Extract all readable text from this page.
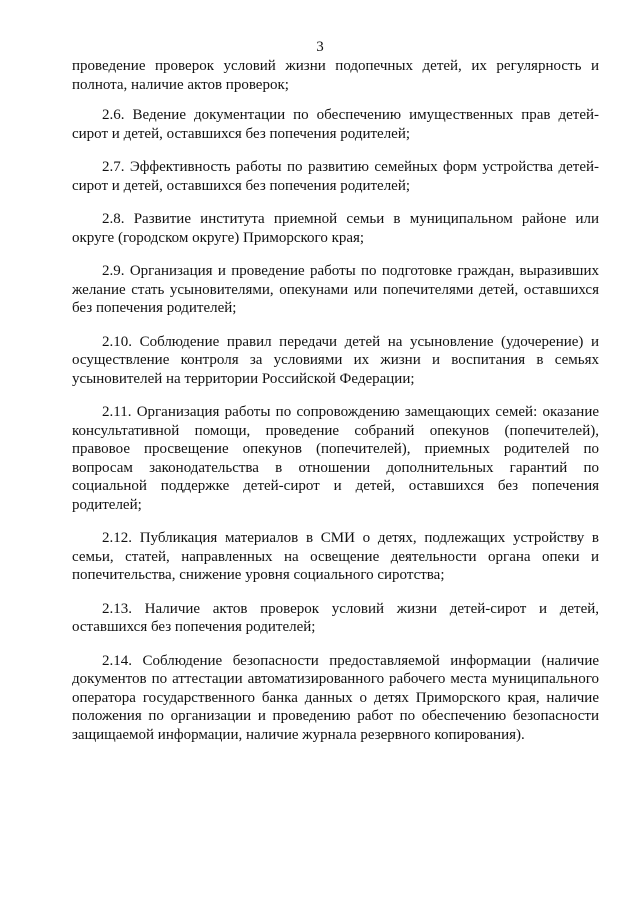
3

проведение проверок условий жизни подопечных детей, их регулярность и полнота, наличие актов проверок;

2.6. Ведение документации по обеспечению имущественных прав детей-сирот и детей, оставшихся без попечения родителей;

2.7. Эффективность работы по развитию семейных форм устройства детей-сирот и детей, оставшихся без попечения родителей;

2.8. Развитие института приемной семьи в муниципальном районе или округе (городском округе) Приморского края;

2.9. Организация и проведение работы по подготовке граждан, выразивших желание стать усыновителями, опекунами или попечителями детей, оставшихся без попечения родителей;

2.10. Соблюдение правил передачи детей на усыновление (удочерение) и осуществление контроля за условиями их жизни и воспитания в семьях усыновителей на территории Российской Федерации;

2.11. Организация работы по сопровождению замещающих семей: оказание консультативной помощи, проведение собраний опекунов (попечителей), правовое просвещение опекунов (попечителей), приемных родителей по вопросам законодательства в отношении дополнительных гарантий по социальной поддержке детей-сирот и детей, оставшихся без попечения родителей;

2.12. Публикация материалов в СМИ о детях, подлежащих устройству в семьи, статей, направленных на освещение деятельности органа опеки и попечительства, снижение уровня социального сиротства;

2.13. Наличие актов проверок условий жизни детей-сирот и детей, оставшихся без попечения родителей;

2.14. Соблюдение безопасности предоставляемой информации (наличие документов по аттестации автоматизированного рабочего места муниципального оператора государственного банка данных о детях Приморского края, наличие положения по организации и проведению работ по обеспечению безопасности защищаемой информации, наличие журнала резервного копирования).
